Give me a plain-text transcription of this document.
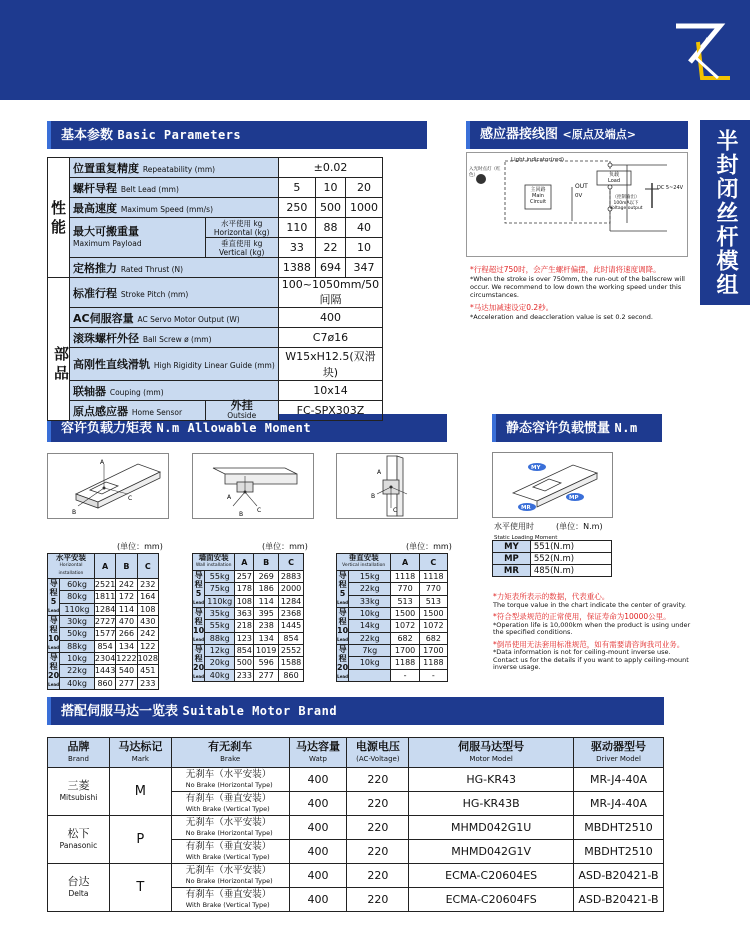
半封闭丝杆模组
基本参数 Basic Parameters	感应器接线图 <原点及端点>
容许负载力矩表 N.m Allowable Moment	静态容许负载惯量 N.m
搭配伺服马达一览表 Suitable Motor Brand
性能	位置重复精度 Repeatability (mm)		±0.02		
	螺杆导程 Belt Lead (mm)		5	10	20
	最高速度 Maximum Speed (mm/s)		250	500	1000
	最大可搬重量
Maximum Payload	水平使用 kg
Horizontal (kg)	110	88	40
		垂直使用 kg
Vertical (kg)	33	22	10
	定格推力 Rated Thrust (N)		1388	694	347
	标准行程 Stroke Pitch (mm)		100~1050mm/50间隔		
	AC伺服容量 AC Servo Motor Output (W)		400		
	滚珠螺杆外径 Ball Screw ø (mm)		C7ø16		
	高刚性直线滑轨 High Rigidity Linear Guide (mm)		W15xH12.5(双滑块)		
	联轴器 Couping (mm)		10x14		
	原点感应器 Home Sensor	外挂
Outside	FC-SPX303Z		
部品
Light indicator(red)
入光时点灯（红色）
主回路
Main Circuit
负载
Load
OUT
0V
DC 5~24V
（控制输出）
100mA以下
Voltage output
*行程超过750时，会产生螺杆偏摆，此时请将速度调降。
*When the stroke is over 750mm, the run-out of the ballscrew will occur. We recommend to low down the working speed under this circumstances.
*马达加减速设定0.2秒。
*Acceleration and deaccleration value is set 0.2 second.
A
B
C	A
B
C
A
B
C
(单位：mm)	(单位：mm)	(单位：mm)
水平安装
Horizontal installation		A	B	C
导程
5
Lead	60kg	2521	242	232
	80kg	1811	172	164
	110kg	1284	114	108
导程
10
Lead	30kg	2727	470	430
	50kg	1577	266	242
	88kg	854	134	122
导程
20
Lead	10kg	2304	1222	1028
	22kg	1443	540	451
	40kg	860	277	233
墙面安装
Wall installation		A	B	C
导程
5
Lead	55kg	257	269	2883
	75kg	178	186	2000
	110kg	108	114	1284
导程
10
Lead	35kg	363	395	2368
	55kg	218	238	1445
	88kg	123	134	854
导程
20
Lead	12kg	854	1019	2552
	20kg	500	596	1588
	40kg	233	277	860
垂直安装
Vertical installation		A	C
导程
5
Lead	15kg	1118	1118
	22kg	770	770
	33kg	513	513
导程
10
Lead	10kg	1500	1500
	14kg	1072	1072
	22kg	682	682
导程
20
Lead	7kg	1700	1700
	10kg	1188	1188
		-	-
MY
MP
MR
水平使用时	(单位：N.m)
Static Loading Moment
MY	551(N.m)
MP	552(N.m)
MR	485(N.m)
*力矩表所表示的数据，代表重心。
The torque value in the chart indicate the center of gravity.
*符合型录规范的正常使用，保证寿命为10000公里。
*Operation life is 10,000km when the product is using under the specified conditions.
*倒吊使用无法套用标准规范，如有需要请咨询我司业务。
*Data information is not for ceiling-mount inverse use. Contact us for the details if you want to apply ceiling-mount inverse usage.
品牌
Brand	马达标记
Mark	有无刹车
Brake	马达容量
Watp	电源电压
(AC-Voltage)	伺服马达型号
Motor Model	驱动器型号
Driver Model

三菱
Mitsubishi	M	无刹车（水平安装）
No Brake (Horizontal Type)	400	220	HG-KR43	MR-J4-40A
		有刹车（垂直安装）
With Brake (Vertical Type)	400	220	HG-KR43B	MR-J4-40A
松下
Panasonic	P	无刹车（水平安装）
No Brake (Horizontal Type)	400	220	MHMD042G1U	MBDHT2510
		有刹车（垂直安装）
With Brake (Vertical Type)	400	220	MHMD042G1V	MBDHT2510
台达
Delta	T	无刹车（水平安装）
No Brake (Horizontal Type)	400	220	ECMA-C20604ES	ASD-B20421-B
		有刹车（垂直安装）
With Brake (Vertical Type)	400	220	ECMA-C20604FS	ASD-B20421-B
